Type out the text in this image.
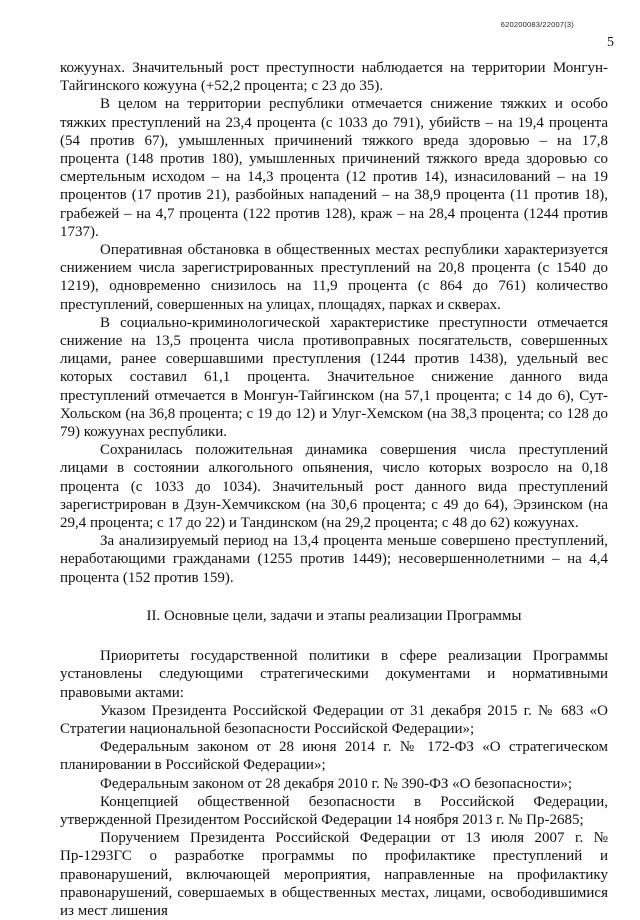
620200083/22007(3)
5

кожуунах. Значительный рост преступности наблюдается на территории Монгун-Тайгинского кожууна (+52,2 процента; с 23 до 35).

В целом на территории республики отмечается снижение тяжких и особо тяжких преступлений на 23,4 процента (с 1033 до 791), убийств – на 19,4 процента (54 против 67), умышленных причинений тяжкого вреда здоровью – на 17,8 процента (148 против 180), умышленных причинений тяжкого вреда здоровью со смертельным исходом – на 14,3 процента (12 против 14), изнасилований – на 19 процентов (17 против 21), разбойных нападений – на 38,9 процента (11 против 18), грабежей – на 4,7 процента (122 против 128), краж – на 28,4 процента (1244 против 1737).

Оперативная обстановка в общественных местах республики характеризуется снижением числа зарегистрированных преступлений на 20,8 процента (с 1540 до 1219), одновременно снизилось на 11,9 процента (с 864 до 761) количество преступлений, совершенных на улицах, площадях, парках и скверах.

В социально-криминологической характеристике преступности отмечается снижение на 13,5 процента числа противоправных посягательств, совершенных лицами, ранее совершавшими преступления (1244 против 1438), удельный вес которых составил 61,1 процента. Значительное снижение данного вида преступлений отмечается в Монгун-Тайгинском (на 57,1 процента; с 14 до 6), Сут-Хольском (на 36,8 процента; с 19 до 12) и Улуг-Хемском (на 38,3 процента; со 128 до 79) кожуунах республики.

Сохранилась положительная динамика совершения числа преступлений лицами в состоянии алкогольного опьянения, число которых возросло на 0,18 процента (с 1033 до 1034). Значительный рост данного вида преступлений зарегистрирован в Дзун-Хемчикском (на 30,6 процента; с 49 до 64), Эрзинском (на 29,4 процента; с 17 до 22) и Тандинском (на 29,2 процента; с 48 до 62) кожуунах.

За анализируемый период на 13,4 процента меньше совершено преступлений, неработающими гражданами (1255 против 1449); несовершеннолетними – на 4,4 процента (152 против 159).

II. Основные цели, задачи и этапы реализации Программы

Приоритеты государственной политики в сфере реализации Программы установлены следующими стратегическими документами и нормативными правовыми актами:

Указом Президента Российской Федерации от 31 декабря 2015 г. № 683 «О Стратегии национальной безопасности Российской Федерации»;

Федеральным законом от 28 июня 2014 г. № 172-ФЗ «О стратегическом планировании в Российской Федерации»;

Федеральным законом от 28 декабря 2010 г. № 390-ФЗ «О безопасности»;

Концепцией общественной безопасности в Российской Федерации, утвержденной Президентом Российской Федерации 14 ноября 2013 г. № Пр-2685;

Поручением Президента Российской Федерации от 13 июля 2007 г. № Пр-1293ГС о разработке программы по профилактике преступлений и правонарушений, включающей мероприятия, направленные на профилактику правонарушений, совершаемых в общественных местах, лицами, освободившимися из мест лишения
